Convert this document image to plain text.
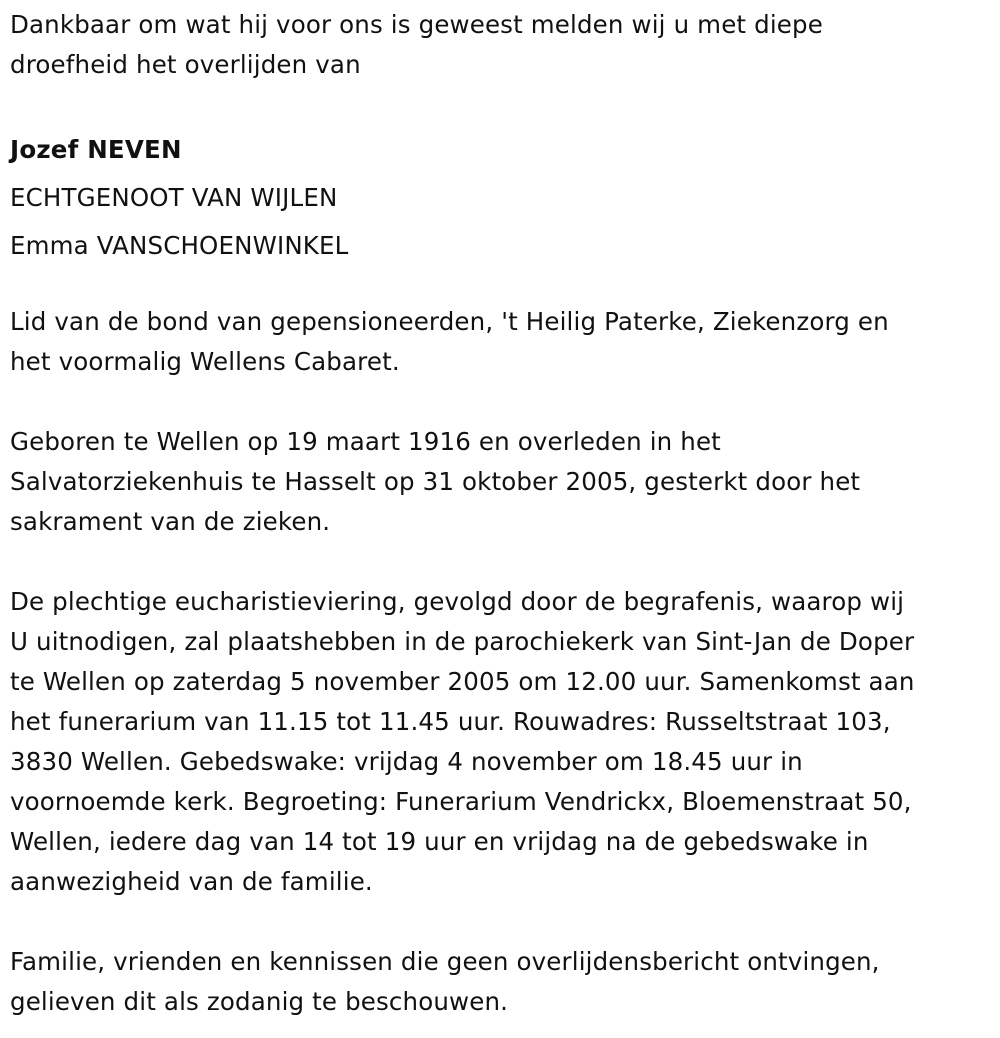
Dankbaar om wat hij voor ons is geweest melden wij u met diepe
droefheid het overlijden van

Jozef NEVEN
ECHTGENOOT VAN WIJLEN
Emma VANSCHOENWINKEL

Lid van de bond van gepensioneerden, 't Heilig Paterke, Ziekenzorg en
het voormalig Wellens Cabaret.

Geboren te Wellen op 19 maart 1916 en overleden in het
Salvatorziekenhuis te Hasselt op 31 oktober 2005, gesterkt door het
sakrament van de zieken.

De plechtige eucharistieviering, gevolgd door de begrafenis, waarop wij
U uitnodigen, zal plaatshebben in de parochiekerk van Sint-Jan de Doper
te Wellen op zaterdag 5 november 2005 om 12.00 uur. Samenkomst aan
het funerarium van 11.15 tot 11.45 uur. Rouwadres: Russeltstraat 103,
3830 Wellen. Gebedswake: vrijdag 4 november om 18.45 uur in
voornoemde kerk. Begroeting: Funerarium Vendrickx, Bloemenstraat 50,
Wellen, iedere dag van 14 tot 19 uur en vrijdag na de gebedswake in
aanwezigheid van de familie.

Familie, vrienden en kennissen die geen overlijdensbericht ontvingen,
gelieven dit als zodanig te beschouwen.
